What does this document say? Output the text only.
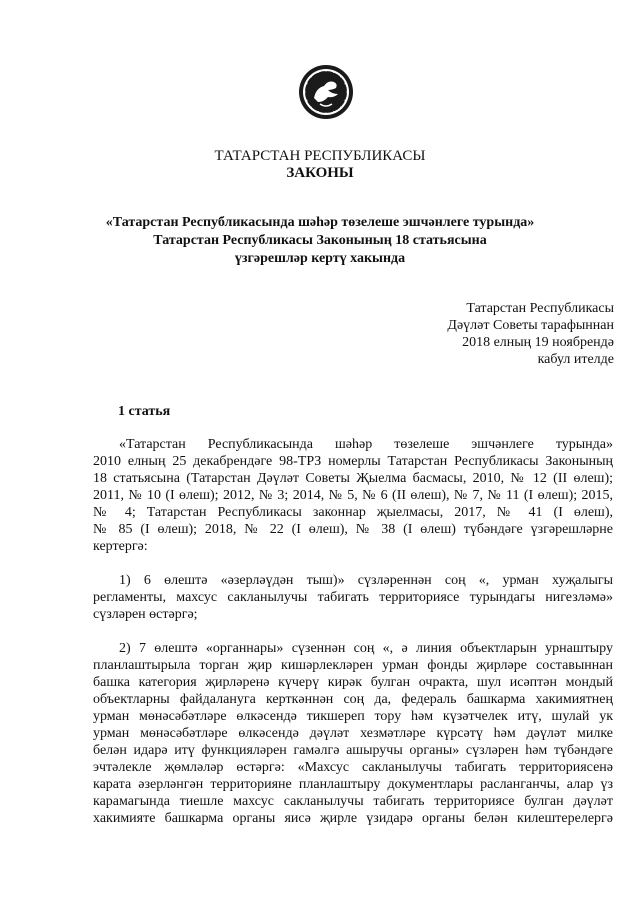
ТАТАРСТАН РЕСПУБЛИКАСЫ
ЗАКОНЫ
«Татарстан Республикасында шәһәр төзелеше эшчәнлеге турында»
Татарстан Республикасы Законының 18 статьясына
үзгәрешләр кертү хакында
Татарстан Республикасы
Дәүләт Советы тарафыннан
2018 елның 19 ноябрендә
кабул ителде
1 статья
«Татарстан Республикасында шәһәр төзелеше эшчәнлеге турында»
2010 елның 25 декабрендәге 98-ТРЗ номерлы Татарстан Республикасы Законының
18 статьясына (Татарстан Дәүләт Советы Җыелма басмасы, 2010, № 12 (II өлеш);
2011, № 10 (I өлеш); 2012, № 3; 2014, № 5, № 6 (II өлеш), № 7, № 11 (I өлеш); 2015,
№ 4; Татарстан Республикасы законнар җыелмасы, 2017, № 41 (I өлеш),
№ 85 (I өлеш); 2018, № 22 (I өлеш), № 38 (I өлеш) түбәндәге үзгәрешләрне
кертергә:
1) 6 өлештә «әзерләүдән тыш)» сүзләреннән соң «, урман хуҗалыгы
регламенты, махсус сакланылучы табигать территориясе турындагы нигезләмә»
сүзләрен өстәргә;
2) 7 өлештә «органнары» сүзеннән соң «, ә линия объектларын урнаштыру
планлаштырыла торган җир кишәрлекләрен урман фонды җирләре составыннан
башка категория җирләренә күчерү кирәк булган очракта, шул исәптән мондый
объектларны файдалануга керткәннән соң да, федераль башкарма хакимиятнең
урман мөнәсәбәтләре өлкәсендә тикшереп тору һәм күзәтчелек итү, шулай ук
урман мөнәсәбәтләре өлкәсендә дәүләт хезмәтләре күрсәтү һәм дәүләт милке
белән идарә итү функцияләрен гамәлгә ашыручы органы» сүзләрен һәм түбәндәге
эчтәлекле җөмләләр өстәргә: «Махсус сакланылучы табигать территориясенә
карата әзерләнгән территорияне планлаштыру документлары расланганчы, алар үз
карамагында тиешле махсус сакланылучы табигать территориясе булган дәүләт
хакимияте башкарма органы яисә җирле үзидарә органы белән килештерелергә
